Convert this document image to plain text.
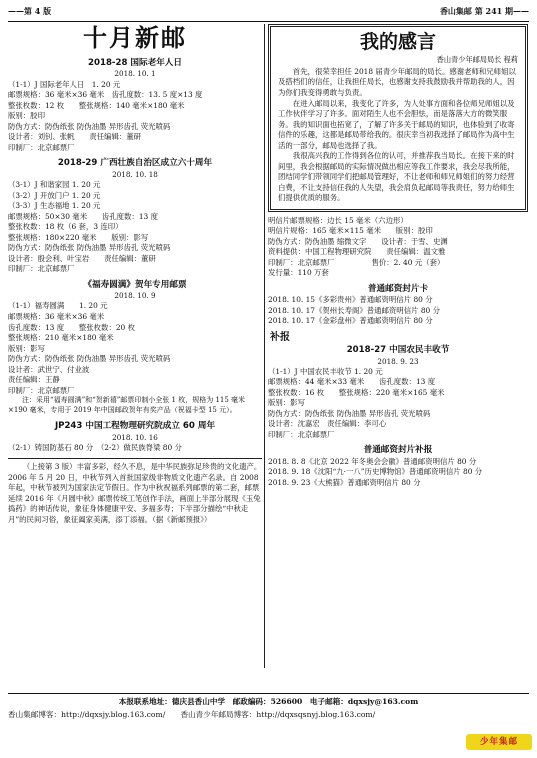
——第 4 版	香山集邮 第 241 期——
十月新邮
2018-28 国际老年人日
2018. 10. 1
（1-1）J 国际老年人日　1. 20 元
邮票规格：36 毫米×36 毫米　齿孔度数：13. 5 度×13 度
整张枚数：12 枚　　整张规格：140 毫米×180 毫米
版别：胶印
防伪方式：防伪纸张 防伪油墨 异形齿孔 荧光喷码
设计者：刘钊、张帆　　责任编辑：董研
印制厂：北京邮票厂
2018-29 广西壮族自治区成立六十周年
2018. 10. 18
（3-1）J 和谐家园 1. 20 元
（3-2）J 开放门户 1. 20 元
（3-3）J 生态福地 1. 20 元
邮票规格：50×30 毫米　　齿孔度数：13 度
整张枚数：18 枚（6 套，3 连印）
整张规格：180×220 毫米　　版别：影写
防伪方式：防伪纸张 防伪油墨 异形齿孔 荧光喷码
设计者：殷会利、叶宝岩　　责任编辑：董研
印制厂：北京邮票厂
《福寿圆满》贺年专用邮票
2018. 10. 9
（1-1）福寿圆满　　1. 20 元
邮票规格：36 毫米×36 毫米
齿孔度数：13 度　　整张枚数：20 枚
整张规格：210 毫米×180 毫米
版别：影写
防伪方式：防伪纸张 防伪油墨 异形齿孔 荧光喷码
设计者：武世宁、付业波
责任编辑：王静
印制厂：北京邮票厂
注：采用“福寿圆满”和“贺新禧”邮票印制小全张 1 枚，规格为 115 毫米×190 毫米，专用于 2019 年中国邮政贺年有奖产品（祝福卡型 15 元）。
JP243 中国工程物理研究院成立 60 周年
2018. 10. 16
（2-1）铸国防基石 80 分　（2-2）做民族脊梁 80 分
（上接第 3 版）丰富多彩，经久不息，是中华民族弥足珍贵的文化遗产。2006 年 5 月 20 日，中秋节列入首批国家级非物质文化遗产名录。自 2008 年起，中秋节被列为国家法定节假日。作为中秋祝福系列邮票的第二套，邮票延续 2016 年《月圆中秋》邮票传统工笔创作手法，画面上半部分展现《玉兔捣药》的神话传说，象征身体健康平安、多福多寿；下半部分描绘“中秋走月”的民间习俗，象征阖家美满，添丁添福。（据《新邮预报》）
我的感言
香山青少年邮局局长 程莉
首先，很荣幸担任 2018 届青少年邮局的局长。感谢老师和兄师姐以及搭档们的信任，让我担任局长，也感谢支持我鼓励我并帮助我的人，因为你们我变得勇敢与负责。
在进入邮局以来，我变化了许多，为人处事方面和各位师兄师姐以及工作伙伴学习了许多。面对陌生人也不会胆怯，而是落落大方的微笑服务。我的知识面也拓宽了，了解了许多关于邮局的知识，也体验到了收寄信件的乐趣，这都是邮局带给我的。很庆幸当初我选择了邮局作为高中生活的一部分，邮局也选择了我。
我很高兴我的工作得到各位的认可，并推荐我当局长。在接下来的时间里，我会根据邮局的实际情况做出相应等我工作要求，我会尽我所能，团结同学们带领同学们把邮局管理好，不让老师和师兄师姐们的努力经营白费，不让支持信任我的人失望，我会肩负起邮局等我责任，努力给师生们提供优质的服务。
明信片邮票规格：边长 15 毫米（六边形）
明信片规格：165 毫米×115 毫米　　版别：胶印
防伪方式：防伪油墨 缩微文字　　设计者：于雪、史渊
资料提供：中国工程物理研究院　　责任编辑：温文雅
印制厂：北京邮票厂　　　　　售价：2. 40 元（套）
发行量：110 万套
普通邮资封片卡
2018. 10. 15《多彩贵州》普通邮资明信片 80 分
2018. 10. 17《贺州长寿阁》普通邮资明信片 80 分
2018. 10. 17《金彩盘州》普通邮资明信片 80 分
补报
2018-27 中国农民丰收节
2018. 9. 23
（1-1）J 中国农民丰收节 1. 20 元
邮票规格：44 毫米×33 毫米　　齿孔度数：13 度
整张枚数：16 枚　　整张规格：220 毫米×165 毫米
版别：影写
防伪方式：防伪纸张 防伪油墨 异形齿孔 荧光喷码
设计者：沈嘉宏　责任编辑：李可心
印制厂：北京邮票厂
普通邮资封片补报
2018. 8. 8《北京 2022 年冬奥会会徽》普通邮资明信片 80 分
2018. 9. 18《沈阳“九·一八”历史博物馆》普通邮资明信片 80 分
2018. 9. 23《大熊猫》普通邮资明信片 80 分
本报联系地址：德庆县香山中学　邮政编码：526600　电子邮箱：dqxsjy@163.com
香山集邮博客：http://dqxsjy.blog.163.com/　　香山青少年邮局博客：http://dqxsqsnyj.blog.163.com/
少年集邮
